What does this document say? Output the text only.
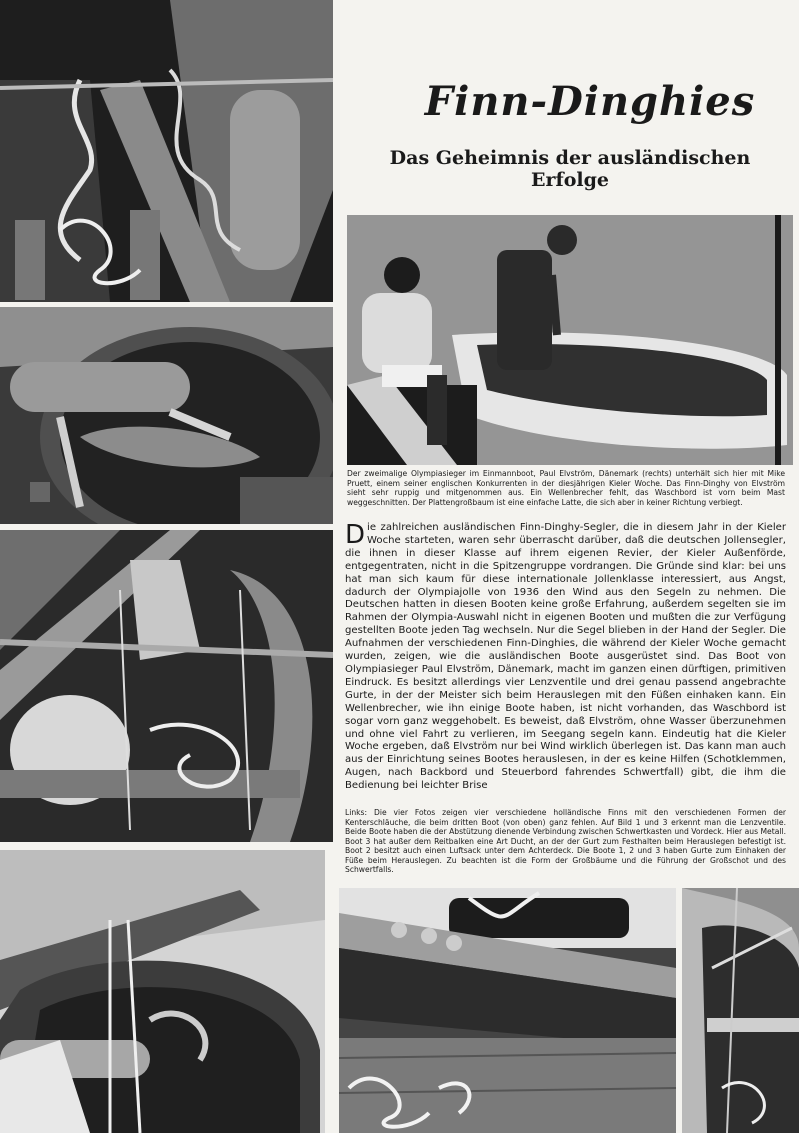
Finn-Dinghies
Das Geheimnis der ausländischen Erfolge
Der zweimalige Olympiasieger im Einmannboot, Paul Elvström, Dänemark (rechts) unterhält sich hier mit Mike Pruett, einem seiner englischen Konkurrenten in der diesjährigen Kieler Woche. Das Finn-Dinghy von Elvström sieht sehr ruppig und mitgenommen aus. Ein Wellenbrecher fehlt, das Waschbord ist vorn beim Mast weggeschnitten. Der Plattengroßbaum ist eine einfache Latte, die sich aber in keiner Richtung verbiegt.
Die zahlreichen ausländischen Finn-Dinghy-Segler, die in diesem Jahr in der Kieler Woche starteten, waren sehr überrascht darüber, daß die deutschen Jollensegler, die ihnen in dieser Klasse auf ihrem eigenen Revier, der Kieler Außenförde, entgegentraten, nicht in die Spitzengruppe vordrangen. Die Gründe sind klar: bei uns hat man sich kaum für diese internationale Jollenklasse interessiert, aus Angst, dadurch der Olympiajolle von 1936 den Wind aus den Segeln zu nehmen. Die Deutschen hatten in diesen Booten keine große Erfahrung, außerdem segelten sie im Rahmen der Olympia-Auswahl nicht in eigenen Booten und mußten die zur Verfügung gestellten Boote jeden Tag wechseln. Nur die Segel blieben in der Hand der Segler. Die Aufnahmen der verschiedenen Finn-Dinghies, die während der Kieler Woche gemacht wurden, zeigen, wie die ausländischen Boote ausgerüstet sind. Das Boot von Olympiasieger Paul Elvström, Dänemark, macht im ganzen einen dürftigen, primitiven Eindruck. Es besitzt allerdings vier Lenzventile und drei genau passend angebrachte Gurte, in der der Meister sich beim Herauslegen mit den Füßen einhaken kann. Ein Wellenbrecher, wie ihn einige Boote haben, ist nicht vorhanden, das Waschbord ist sogar vorn ganz weggehobelt. Es beweist, daß Elvström, ohne Wasser überzunehmen und ohne viel Fahrt zu verlieren, im Seegang segeln kann. Eindeutig hat die Kieler Woche ergeben, daß Elvström nur bei Wind wirklich überlegen ist. Das kann man auch aus der Einrichtung seines Bootes herauslesen, in der es keine Hilfen (Schotklemmen, Augen, nach Backbord und Steuerbord fahrendes Schwertfall) gibt, die ihm die Bedienung bei leichter Brise
Links: Die vier Fotos zeigen vier verschiedene holländische Finns mit den verschiedenen Formen der Kenterschläuche, die beim dritten Boot (von oben) ganz fehlen. Auf Bild 1 und 3 erkennt man die Lenzventile. Beide Boote haben die der Abstützung dienende Verbindung zwischen Schwertkasten und Vordeck. Hier aus Metall. Boot 3 hat außer dem Reitbalken eine Art Ducht, an der der Gurt zum Festhalten beim Herauslegen befestigt ist. Boot 2 besitzt auch einen Luftsack unter dem Achterdeck. Die Boote 1, 2 und 3 haben Gurte zum Einhaken der Füße beim Herauslegen. Zu beachten ist die Form der Großbäume und die Führung der Großschot und des Schwertfalls.
